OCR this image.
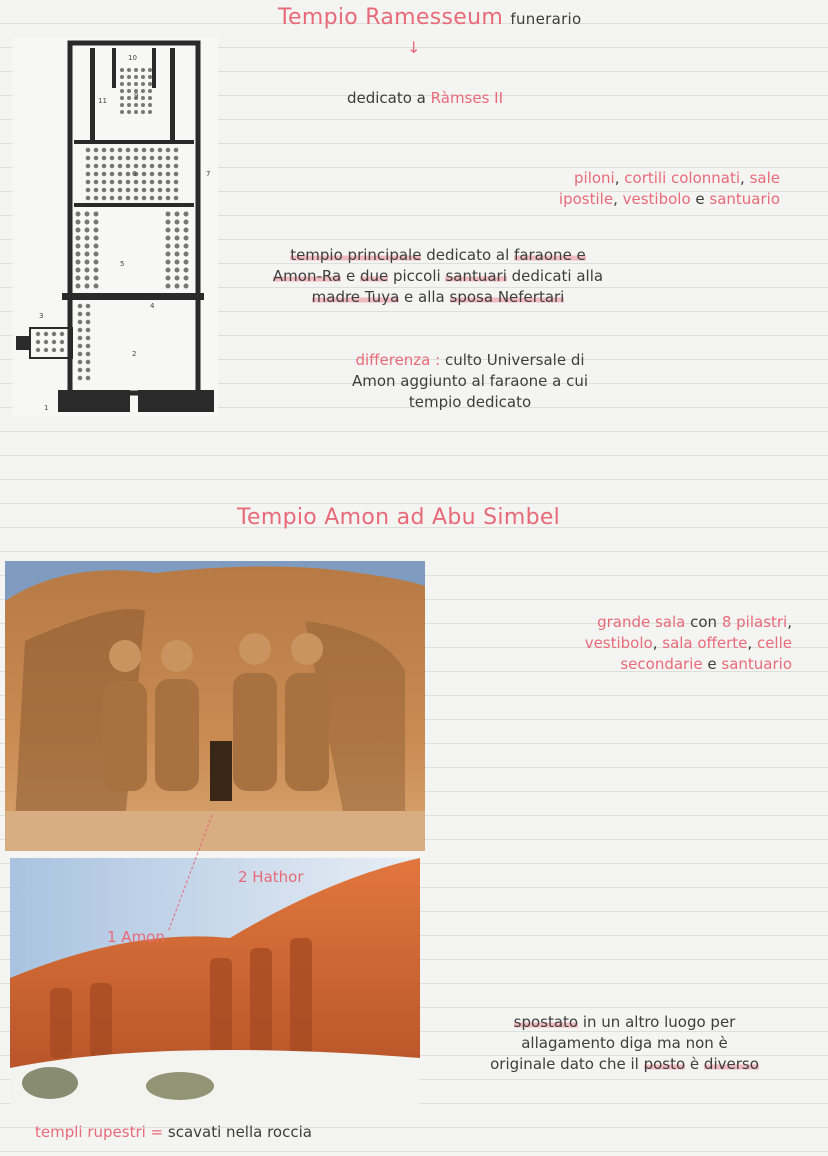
Tempio Ramesseum funerario
↓
dedicato a Ràmses II
piloni, cortili colonnati, sale
ipostile, vestibolo e santuario
tempio principale dedicato al faraone e
Amon-Ra e due piccoli santuari dedicati alla
madre Tuya e alla sposa Nefertari
differenza : culto Universale di
Amon aggiunto al faraone a cui
tempio dedicato
10
11
9
6	7
5
4
3
2
1
Tempio Amon ad Abu Simbel
grande sala con 8 pilastri,
vestibolo, sala offerte, celle
secondarie e santuario
2 Hathor
1 Amon
spostato in un altro luogo per
allagamento diga ma non è
originale dato che il posto è diverso
templi rupestri = scavati nella roccia
